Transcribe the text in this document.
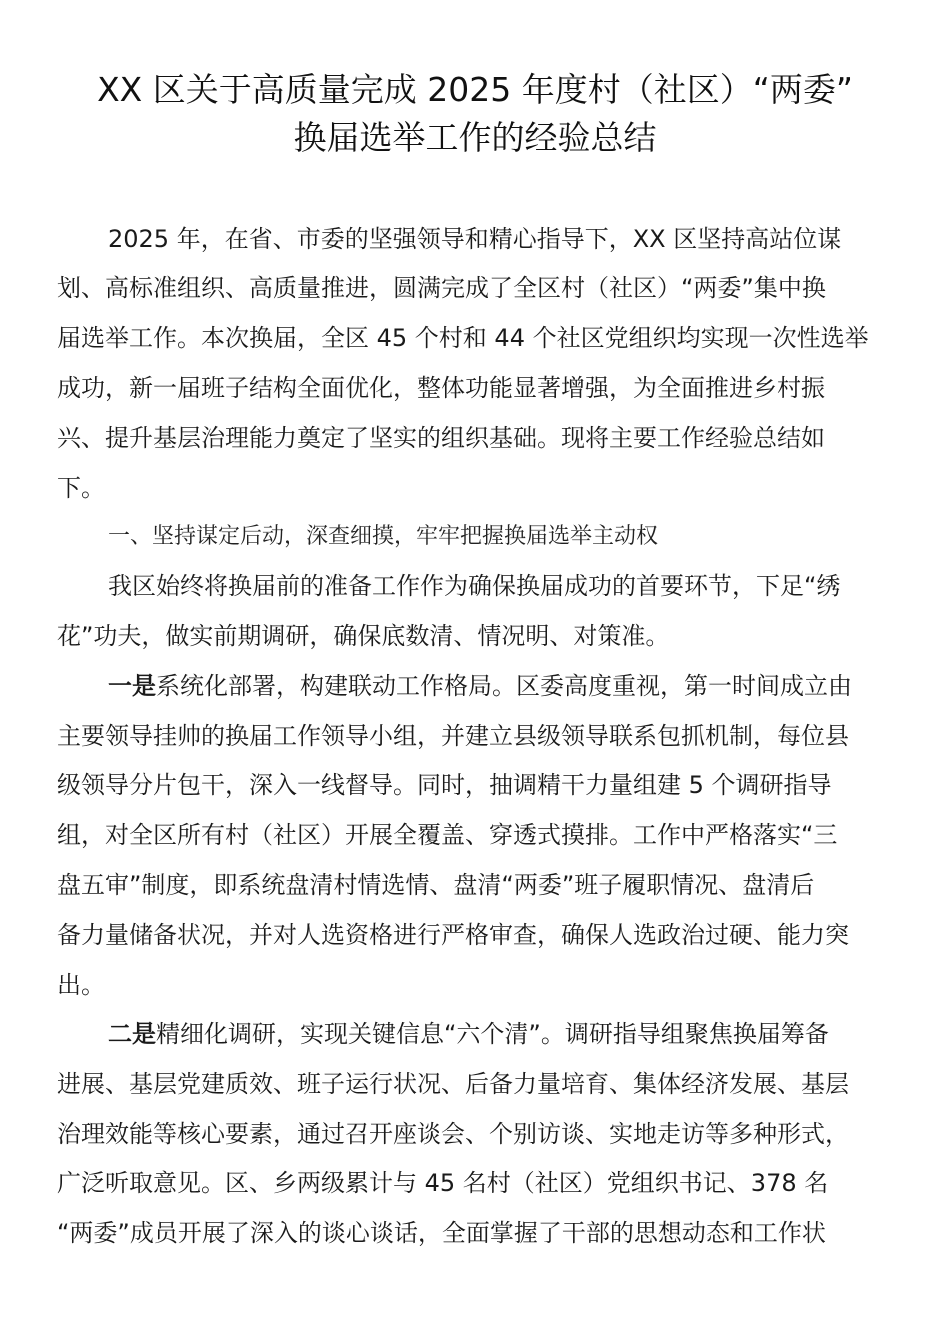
XX 区关于高质量完成 2025 年度村（社区）“两委”
换届选举工作的经验总结

2025 年，在省、市委的坚强领导和精心指导下，XX 区坚持高站位谋

划、高标准组织、高质量推进，圆满完成了全区村（社区）“两委”集中换

届选举工作。本次换届，全区 45 个村和 44 个社区党组织均实现一次性选举

成功，新一届班子结构全面优化，整体功能显著增强，为全面推进乡村振

兴、提升基层治理能力奠定了坚实的组织基础。现将主要工作经验总结如

下。

一、坚持谋定后动，深查细摸，牢牢把握换届选举主动权

我区始终将换届前的准备工作作为确保换届成功的首要环节，下足“绣

花”功夫，做实前期调研，确保底数清、情况明、对策准。

一是系统化部署，构建联动工作格局。区委高度重视，第一时间成立由

主要领导挂帅的换届工作领导小组，并建立县级领导联系包抓机制，每位县

级领导分片包干，深入一线督导。同时，抽调精干力量组建 5 个调研指导

组，对全区所有村（社区）开展全覆盖、穿透式摸排。工作中严格落实“三

盘五审”制度，即系统盘清村情选情、盘清“两委”班子履职情况、盘清后

备力量储备状况，并对人选资格进行严格审查，确保人选政治过硬、能力突

出。

二是精细化调研，实现关键信息“六个清”。调研指导组聚焦换届筹备

进展、基层党建质效、班子运行状况、后备力量培育、集体经济发展、基层

治理效能等核心要素，通过召开座谈会、个别访谈、实地走访等多种形式，

广泛听取意见。区、乡两级累计与 45 名村（社区）党组织书记、378 名

“两委”成员开展了深入的谈心谈话，全面掌握了干部的思想动态和工作状
